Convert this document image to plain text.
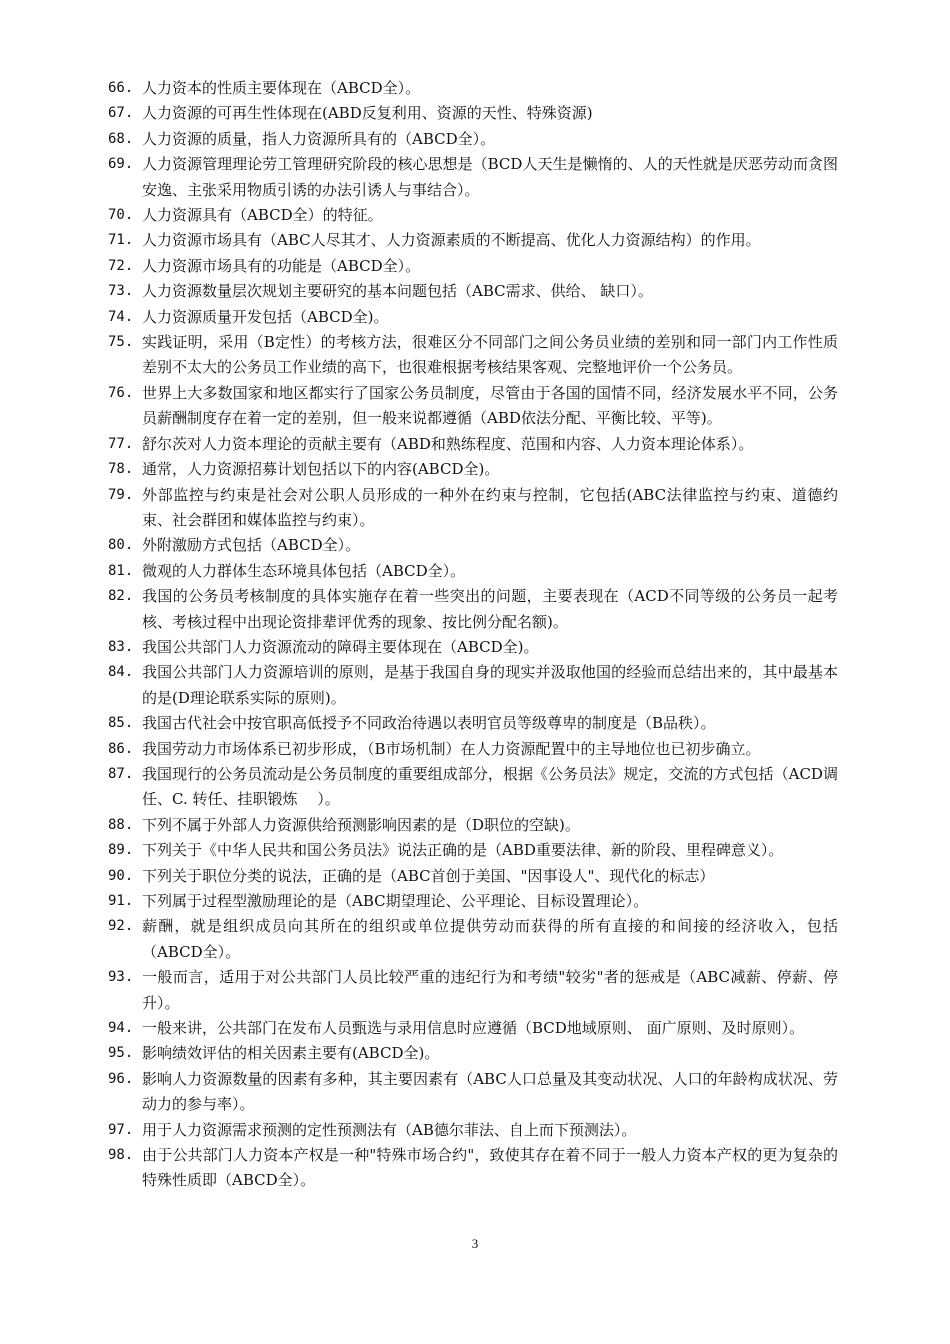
66. 人力资本的性质主要体现在（ABCD全）。
67. 人力资源的可再生性体现在(ABD反复利用、资源的天性、特殊资源)
68. 人力资源的质量，指人力资源所具有的（ABCD全）。
69. 人力资源管理理论劳工管理研究阶段的核心思想是（BCD人天生是懒惰的、人的天性就是厌恶劳动而贪图安逸、主张采用物质引诱的办法引诱人与事结合）。
70. 人力资源具有（ABCD全）的特征。
71. 人力资源市场具有（ABC人尽其才、人力资源素质的不断提高、优化人力资源结构）的作用。
72. 人力资源市场具有的功能是（ABCD全）。
73. 人力资源数量层次规划主要研究的基本问题包括（ABC需求、供给、 缺口）。
74. 人力资源质量开发包括（ABCD全)。
75. 实践证明，采用（B定性）的考核方法，很难区分不同部门之间公务员业绩的差别和同一部门内工作性质差别不太大的公务员工作业绩的高下，也很难根据考核结果客观、完整地评价一个公务员。
76. 世界上大多数国家和地区都实行了国家公务员制度，尽管由于各国的国情不同，经济发展水平不同，公务员薪酬制度存在着一定的差别，但一般来说都遵循（ABD依法分配、平衡比较、平等)。
77. 舒尔茨对人力资本理论的贡献主要有（ABD和熟练程度、范围和内容、人力资本理论体系）。
78. 通常，人力资源招募计划包括以下的内容(ABCD全)。
79. 外部监控与约束是社会对公职人员形成的一种外在约束与控制，它包括(ABC法律监控与约束、道德约束、社会群团和媒体监控与约束）。
80. 外附激励方式包括（ABCD全）。
81. 微观的人力群体生态环境具体包括（ABCD全）。
82. 我国的公务员考核制度的具体实施存在着一些突出的问题，主要表现在（ACD不同等级的公务员一起考核、考核过程中出现论资排辈评优秀的现象、按比例分配名额)。
83. 我国公共部门人力资源流动的障碍主要体现在（ABCD全)。
84. 我国公共部门人力资源培训的原则，是基于我国自身的现实并汲取他国的经验而总结出来的，其中最基本的是(D理论联系实际的原则)。
85. 我国古代社会中按官职高低授予不同政治待遇以表明官员等级尊卑的制度是（B品秩）。
86. 我国劳动力市场体系已初步形成，（B市场机制）在人力资源配置中的主导地位也已初步确立。
87. 我国现行的公务员流动是公务员制度的重要组成部分，根据《公务员法》规定，交流的方式包括（ACD调任、C. 转任、挂职锻炼　 ）。
88. 下列不属于外部人力资源供给预测影响因素的是（D职位的空缺)。
89. 下列关于《中华人民共和国公务员法》说法正确的是（ABD重要法律、新的阶段、里程碑意义）。
90. 下列关于职位分类的说法，正确的是（ABC首创于美国、"因事设人"、现代化的标志）
91. 下列属于过程型激励理论的是（ABC期望理论、公平理论、目标设置理论）。
92. 薪酬，就是组织成员向其所在的组织或单位提供劳动而获得的所有直接的和间接的经济收入，包括（ABCD全）。
93. 一般而言，适用于对公共部门人员比较严重的违纪行为和考绩"较劣"者的惩戒是（ABC减薪、停薪、停升）。
94. 一般来讲，公共部门在发布人员甄选与录用信息时应遵循（BCD地域原则、 面广原则、及时原则）。
95. 影响绩效评估的相关因素主要有(ABCD全)。
96. 影响人力资源数量的因素有多种，其主要因素有（ABC人口总量及其变动状况、人口的年龄构成状况、劳动力的参与率）。
97. 用于人力资源需求预测的定性预测法有（AB德尔菲法、自上而下预测法）。
98. 由于公共部门人力资本产权是一种"特殊市场合约"，致使其存在着不同于一般人力资本产权的更为复杂的特殊性质即（ABCD全）。
3
